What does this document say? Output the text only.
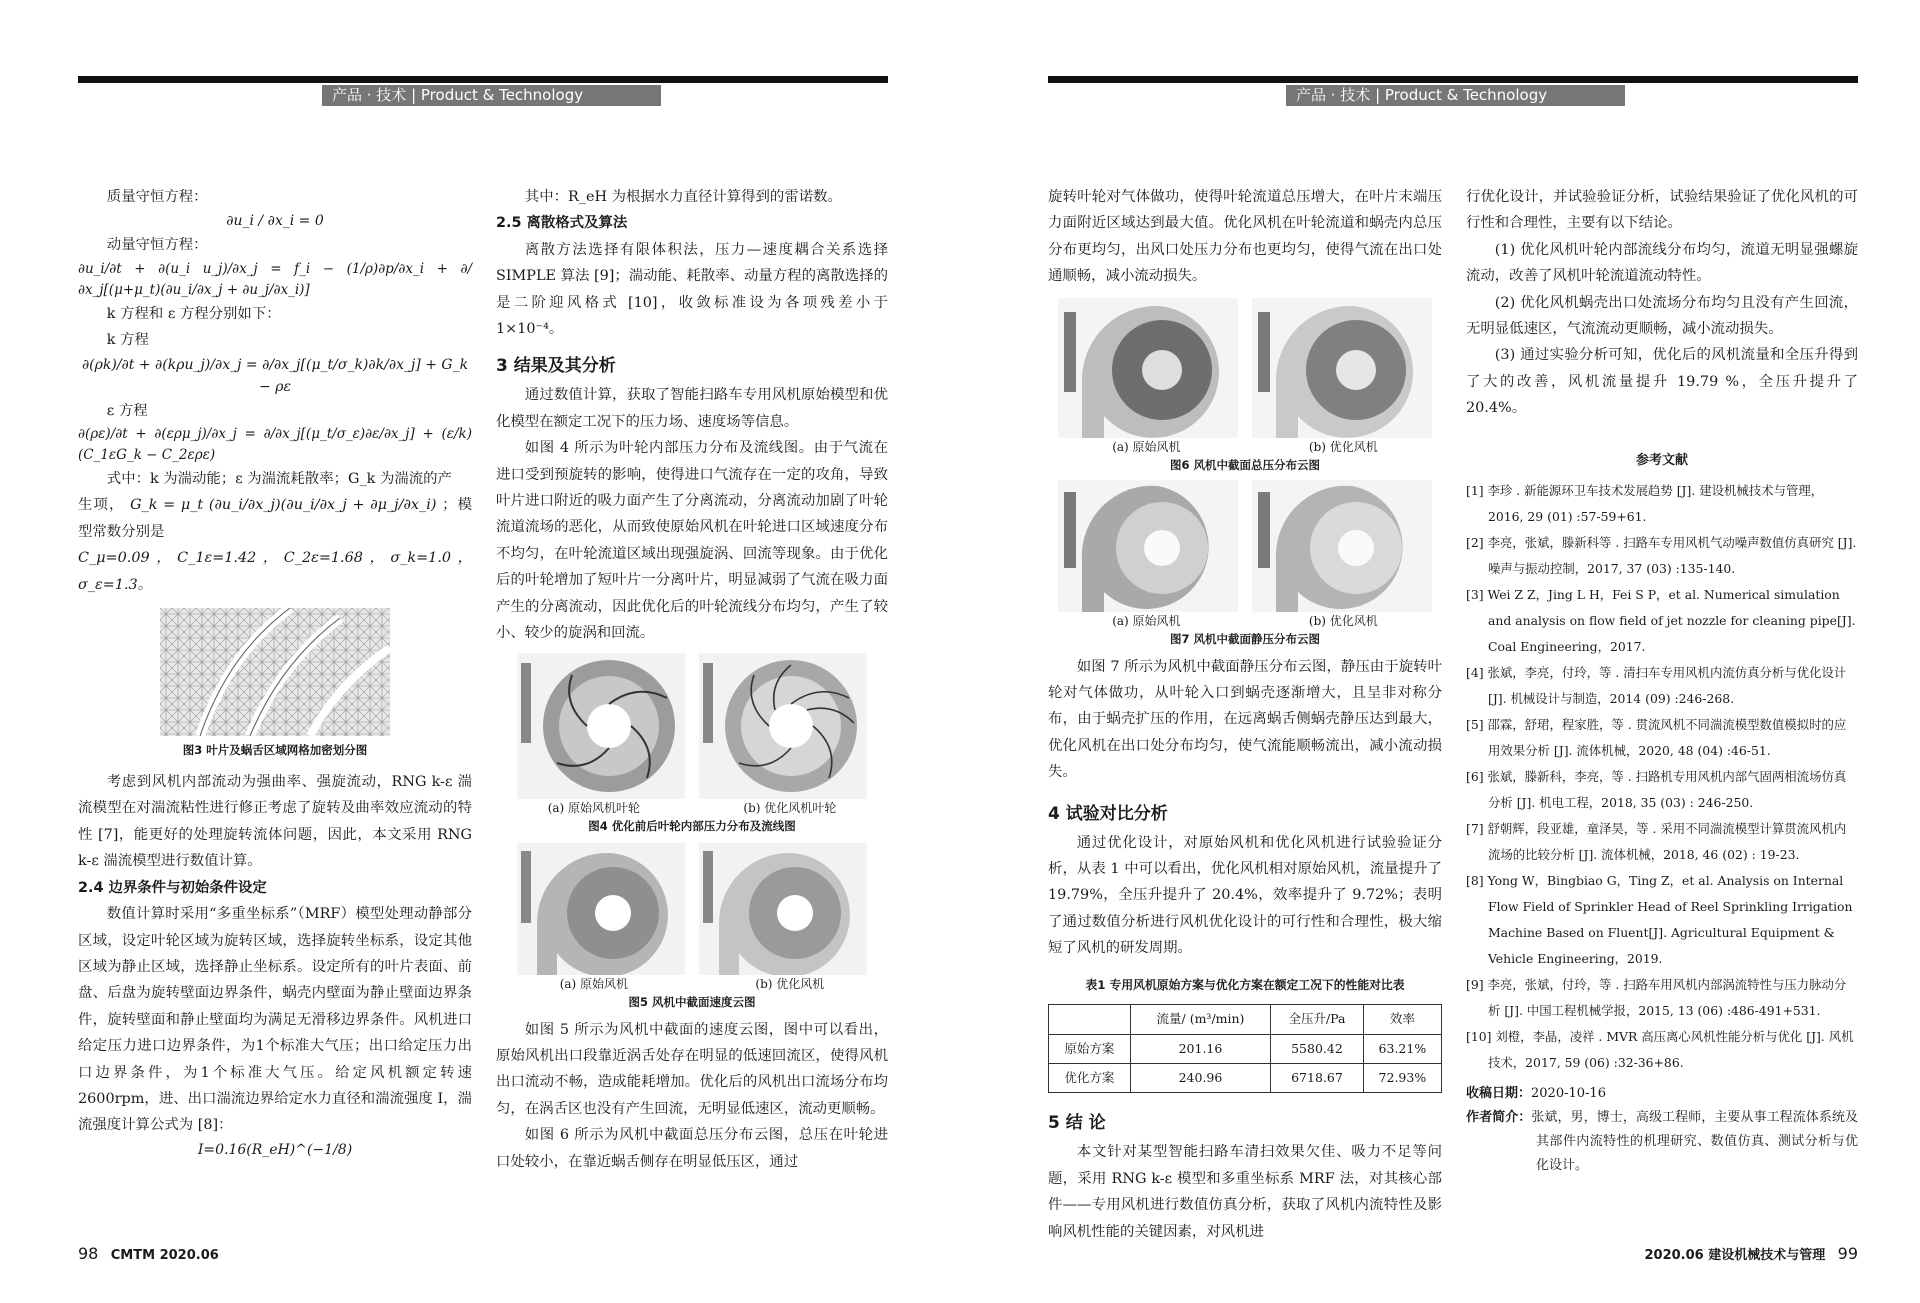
产品 · 技术 | Product & Technology

质量守恒方程：

∂u_i / ∂x_i = 0

动量守恒方程：

∂u_i/∂t + ∂(u_i u_j)/∂x_j = f_i − (1/ρ)∂p/∂x_i + ∂/∂x_j[(μ+μ_t)(∂u_i/∂x_j + ∂u_j/∂x_i)]

k 方程和 ε 方程分别如下：

k 方程

∂(ρk)/∂t + ∂(kρu_j)/∂x_j = ∂/∂x_j[(μ_t/σ_k)∂k/∂x_j] + G_k − ρε

ε 方程

∂(ρε)/∂t + ∂(ερμ_j)/∂x_j = ∂/∂x_j[(μ_t/σ_ε)∂ε/∂x_j] + (ε/k)(C_1εG_k − C_2ερε)

式中：k 为湍动能；ε 为湍流耗散率；G_k 为湍流的产

生项， G_k = μ_t (∂u_i/∂x_j)(∂u_i/∂x_j + ∂μ_j/∂x_i) ；模型常数分别是

C_μ=0.09，C_1ε=1.42，C_2ε=1.68，σ_k=1.0，σ_ε=1.3。

图3 叶片及蜗舌区域网格加密划分图

考虑到风机内部流动为强曲率、强旋流动，RNG k-ε 湍流模型在对湍流粘性进行修正考虑了旋转及曲率效应流动的特性 [7]，能更好的处理旋转流体问题，因此，本文采用 RNG k-ε 湍流模型进行数值计算。

2.4 边界条件与初始条件设定

数值计算时采用“多重坐标系”（MRF）模型处理动静部分区域，设定叶轮区域为旋转区域，选择旋转坐标系，设定其他区域为静止区域，选择静止坐标系。设定所有的叶片表面、前盘、后盘为旋转壁面边界条件，蜗壳内壁面为静止壁面边界条件，旋转壁面和静止壁面均为满足无滑移边界条件。风机进口给定压力进口边界条件，为1个标准大气压；出口给定压力出口边界条件，为1个标准大气压。给定风机额定转速 2600rpm，进、出口湍流边界给定水力直径和湍流强度 I，湍流强度计算公式为 [8]：

I=0.16(R_eH)^(−1/8)

其中：R_eH 为根据水力直径计算得到的雷诺数。

2.5 离散格式及算法

离散方法选择有限体积法，压力—速度耦合关系选择 SIMPLE 算法 [9]；湍动能、耗散率、动量方程的离散选择的是二阶迎风格式 [10]，收敛标准设为各项残差小于 1×10⁻⁴。

3 结果及其分析

通过数值计算，获取了智能扫路车专用风机原始模型和优化模型在额定工况下的压力场、速度场等信息。

如图 4 所示为叶轮内部压力分布及流线图。由于气流在进口受到预旋转的影响，使得进口气流存在一定的攻角，导致叶片进口附近的吸力面产生了分离流动，分离流动加剧了叶轮流道流场的恶化，从而致使原始风机在叶轮进口区域速度分布不均匀，在叶轮流道区域出现强旋涡、回流等现象。由于优化后的叶轮增加了短叶片一分离叶片，明显减弱了气流在吸力面产生的分离流动，因此优化后的叶轮流线分布均匀，产生了较小、较少的旋涡和回流。

(a) 原始风机叶轮	(b) 优化风机叶轮
图4 优化前后叶轮内部压力分布及流线图
(a) 原始风机	(b) 优化风机
图5 风机中截面速度云图

如图 5 所示为风机中截面的速度云图，图中可以看出，原始风机出口段靠近涡舌处存在明显的低速回流区，使得风机出口流动不畅，造成能耗增加。优化后的风机出口流场分布均匀，在涡舌区也没有产生回流，无明显低速区，流动更顺畅。

如图 6 所示为风机中截面总压分布云图，总压在叶轮进口处较小，在靠近蜗舌侧存在明显低压区，通过

98 CMTM 2020.06
产品 · 技术 | Product & Technology

旋转叶轮对气体做功，使得叶轮流道总压增大，在叶片末端压力面附近区域达到最大值。优化风机在叶轮流道和蜗壳内总压分布更均匀，出风口处压力分布也更均匀，使得气流在出口处通顺畅，减小流动损失。

(a) 原始风机	(b) 优化风机
图6 风机中截面总压分布云图
(a) 原始风机	(b) 优化风机
图7 风机中截面静压分布云图

如图 7 所示为风机中截面静压分布云图，静压由于旋转叶轮对气体做功，从叶轮入口到蜗壳逐渐增大，且呈非对称分布，由于蜗壳扩压的作用，在远离蜗舌侧蜗壳静压达到最大，优化风机在出口处分布均匀，使气流能顺畅流出，减小流动损失。

4 试验对比分析

通过优化设计，对原始风机和优化风机进行试验验证分析，从表 1 中可以看出，优化风机相对原始风机，流量提升了 19.79%，全压升提升了 20.4%，效率提升了 9.72%；表明了通过数值分析进行风机优化设计的可行性和合理性，极大缩短了风机的研发周期。

表1 专用风机原始方案与优化方案在额定工况下的性能对比表
	流量/ (m³/min)	全压升/Pa	效率
原始方案	201.16	5580.42	63.21%
优化方案	240.96	6718.67	72.93%

5 结 论

本文针对某型智能扫路车清扫效果欠佳、吸力不足等问题，采用 RNG k-ε 模型和多重坐标系 MRF 法，对其核心部件——专用风机进行数值仿真分析，获取了风机内流特性及影响风机性能的关键因素，对风机进

行优化设计，并试验验证分析，试验结果验证了优化风机的可行性和合理性，主要有以下结论。

(1) 优化风机叶轮内部流线分布均匀，流道无明显强螺旋流动，改善了风机叶轮流道流动特性。

(2) 优化风机蜗壳出口处流场分布均匀且没有产生回流，无明显低速区，气流流动更顺畅，减小流动损失。

(3) 通过实验分析可知，优化后的风机流量和全压升得到了大的改善，风机流量提升 19.79 %，全压升提升了 20.4%。

参考文献

[1] 李珍 . 新能源环卫车技术发展趋势 [J]. 建设机械技术与管理，2016, 29 (01) :57-59+61.

[2] 李亮，张斌，滕新科等 . 扫路车专用风机气动噪声数值仿真研究 [J]. 噪声与振动控制，2017, 37 (03) :135-140.

[3] Wei Z Z，Jing L H，Fei S P，et al. Numerical simulation and analysis on flow field of jet nozzle for cleaning pipe[J]. Coal Engineering，2017.

[4] 张斌，李亮，付玲，等 . 清扫车专用风机内流仿真分析与优化设计 [J]. 机械设计与制造，2014 (09) :246-268.

[5] 邵霖，舒珺，程家胜，等 . 贯流风机不同湍流模型数值模拟时的应用效果分析 [J]. 流体机械，2020, 48 (04) :46-51.

[6] 张斌，滕新科，李亮，等 . 扫路机专用风机内部气固两相流场仿真分析 [J]. 机电工程，2018, 35 (03) : 246-250.

[7] 舒朝辉，段亚雄，童泽昊，等 . 采用不同湍流模型计算贯流风机内流场的比较分析 [J]. 流体机械，2018, 46 (02) : 19-23.

[8] Yong W，Bingbiao G，Ting Z，et al. Analysis on Internal Flow Field of Sprinkler Head of Reel Sprinkling Irrigation Machine Based on Fluent[J]. Agricultural Equipment & Vehicle Engineering，2019.

[9] 李亮，张斌，付玲，等 . 扫路车用风机内部涡流特性与压力脉动分析 [J]. 中国工程机械学报，2015, 13 (06) :486-491+531.

[10] 刘橙，李晶，凌祥 . MVR 高压离心风机性能分析与优化 [J]. 风机技术，2017, 59 (06) :32-36+86.

收稿日期：2020-10-16

作者简介：张斌，男，博士，高级工程师，主要从事工程流体系统及其部件内流特性的机理研究、数值仿真、测试分析与优化设计。

2020.06 建设机械技术与管理 99
